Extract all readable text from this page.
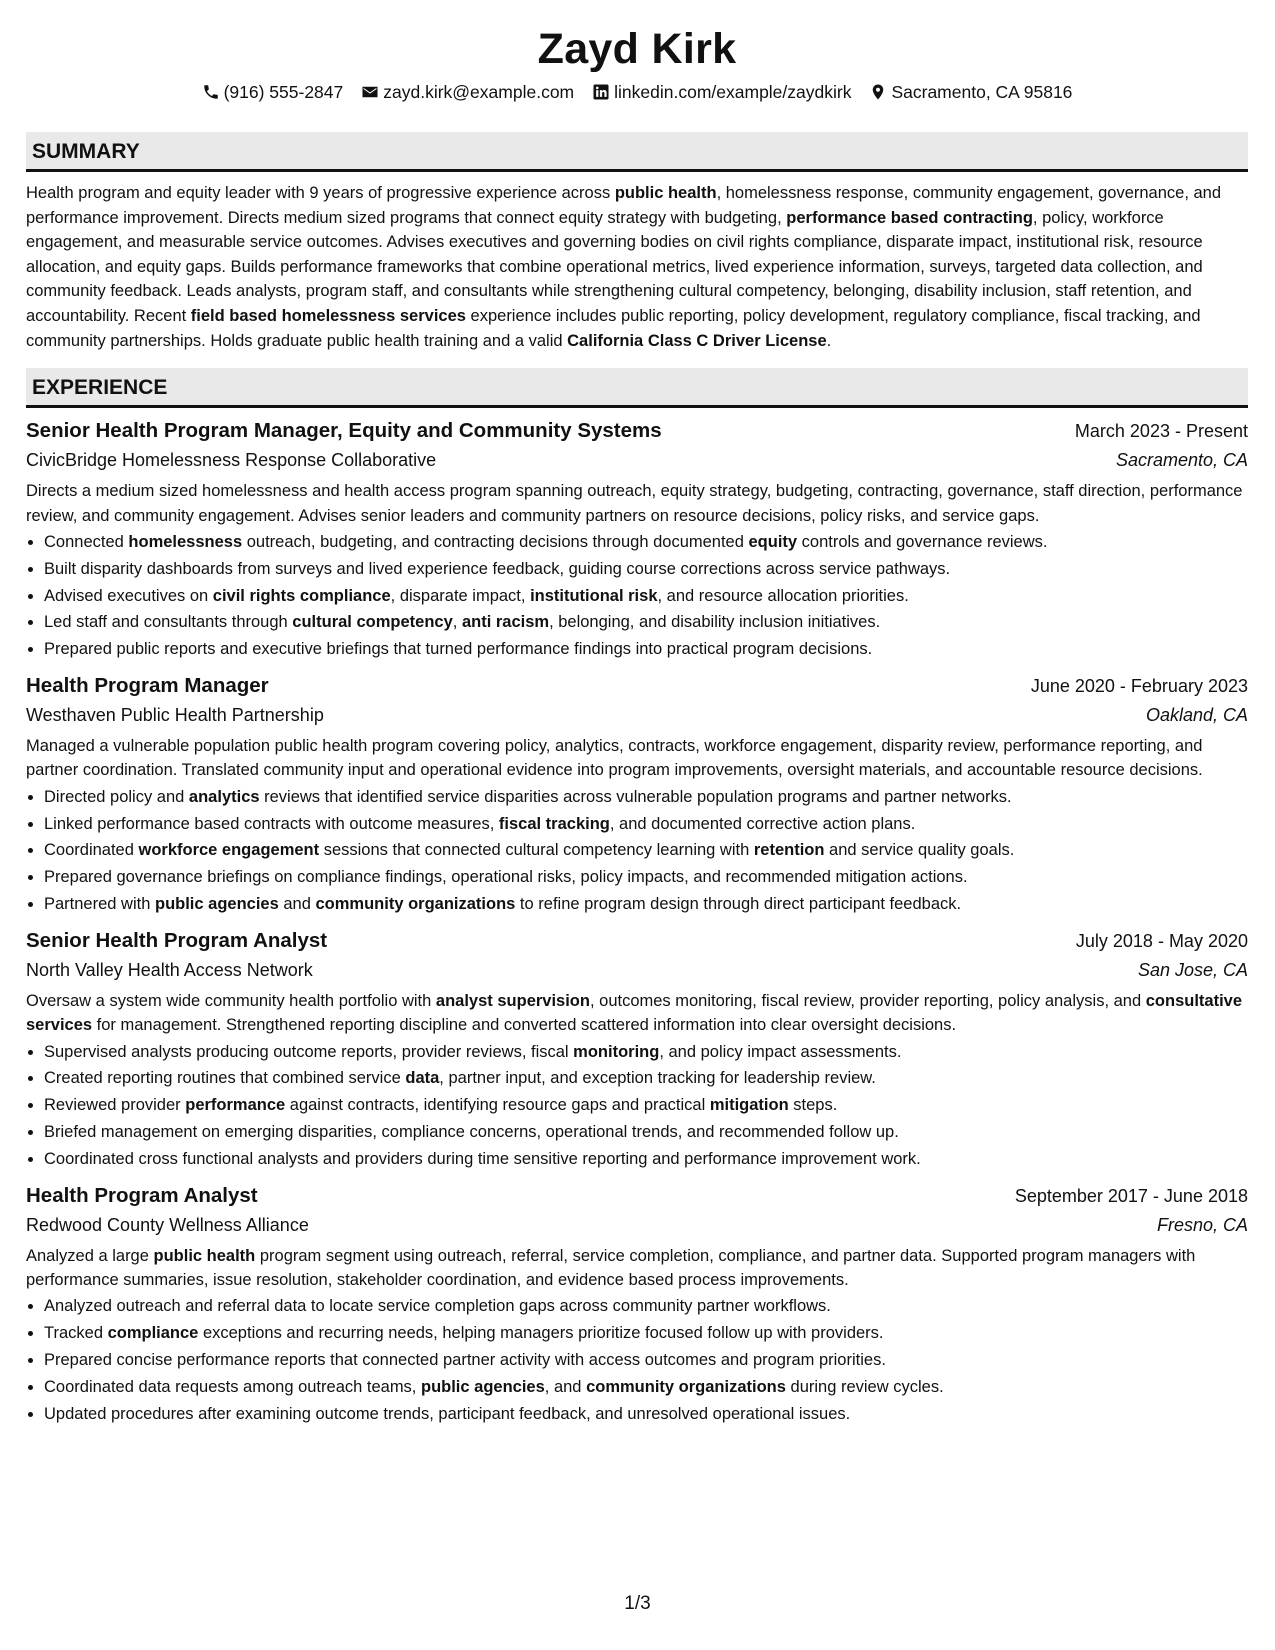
Zayd Kirk
(916) 555-2847 zayd.kirk@example.com linkedin.com/example/zaydkirk Sacramento, CA 95816
SUMMARY
Health program and equity leader with 9 years of progressive experience across public health, homelessness response, community engagement, governance, and performance improvement. Directs medium sized programs that connect equity strategy with budgeting, performance based contracting, policy, workforce engagement, and measurable service outcomes. Advises executives and governing bodies on civil rights compliance, disparate impact, institutional risk, resource allocation, and equity gaps. Builds performance frameworks that combine operational metrics, lived experience information, surveys, targeted data collection, and community feedback. Leads analysts, program staff, and consultants while strengthening cultural competency, belonging, disability inclusion, staff retention, and accountability. Recent field based homelessness services experience includes public reporting, policy development, regulatory compliance, fiscal tracking, and community partnerships. Holds graduate public health training and a valid California Class C Driver License.
EXPERIENCE
Senior Health Program Manager, Equity and Community Systems	March 2023 - Present
CivicBridge Homelessness Response Collaborative	Sacramento, CA
Directs a medium sized homelessness and health access program spanning outreach, equity strategy, budgeting, contracting, governance, staff direction, performance review, and community engagement. Advises senior leaders and community partners on resource decisions, policy risks, and service gaps.
• Connected homelessness outreach, budgeting, and contracting decisions through documented equity controls and governance reviews.
• Built disparity dashboards from surveys and lived experience feedback, guiding course corrections across service pathways.
• Advised executives on civil rights compliance, disparate impact, institutional risk, and resource allocation priorities.
• Led staff and consultants through cultural competency, anti racism, belonging, and disability inclusion initiatives.
• Prepared public reports and executive briefings that turned performance findings into practical program decisions.
Health Program Manager	June 2020 - February 2023
Westhaven Public Health Partnership	Oakland, CA
Managed a vulnerable population public health program covering policy, analytics, contracts, workforce engagement, disparity review, performance reporting, and partner coordination. Translated community input and operational evidence into program improvements, oversight materials, and accountable resource decisions.
• Directed policy and analytics reviews that identified service disparities across vulnerable population programs and partner networks.
• Linked performance based contracts with outcome measures, fiscal tracking, and documented corrective action plans.
• Coordinated workforce engagement sessions that connected cultural competency learning with retention and service quality goals.
• Prepared governance briefings on compliance findings, operational risks, policy impacts, and recommended mitigation actions.
• Partnered with public agencies and community organizations to refine program design through direct participant feedback.
Senior Health Program Analyst	July 2018 - May 2020
North Valley Health Access Network	San Jose, CA
Oversaw a system wide community health portfolio with analyst supervision, outcomes monitoring, fiscal review, provider reporting, policy analysis, and consultative services for management. Strengthened reporting discipline and converted scattered information into clear oversight decisions.
• Supervised analysts producing outcome reports, provider reviews, fiscal monitoring, and policy impact assessments.
• Created reporting routines that combined service data, partner input, and exception tracking for leadership review.
• Reviewed provider performance against contracts, identifying resource gaps and practical mitigation steps.
• Briefed management on emerging disparities, compliance concerns, operational trends, and recommended follow up.
• Coordinated cross functional analysts and providers during time sensitive reporting and performance improvement work.
Health Program Analyst	September 2017 - June 2018
Redwood County Wellness Alliance	Fresno, CA
Analyzed a large public health program segment using outreach, referral, service completion, compliance, and partner data. Supported program managers with performance summaries, issue resolution, stakeholder coordination, and evidence based process improvements.
• Analyzed outreach and referral data to locate service completion gaps across community partner workflows.
• Tracked compliance exceptions and recurring needs, helping managers prioritize focused follow up with providers.
• Prepared concise performance reports that connected partner activity with access outcomes and program priorities.
• Coordinated data requests among outreach teams, public agencies, and community organizations during review cycles.
• Updated procedures after examining outcome trends, participant feedback, and unresolved operational issues.
1/3
